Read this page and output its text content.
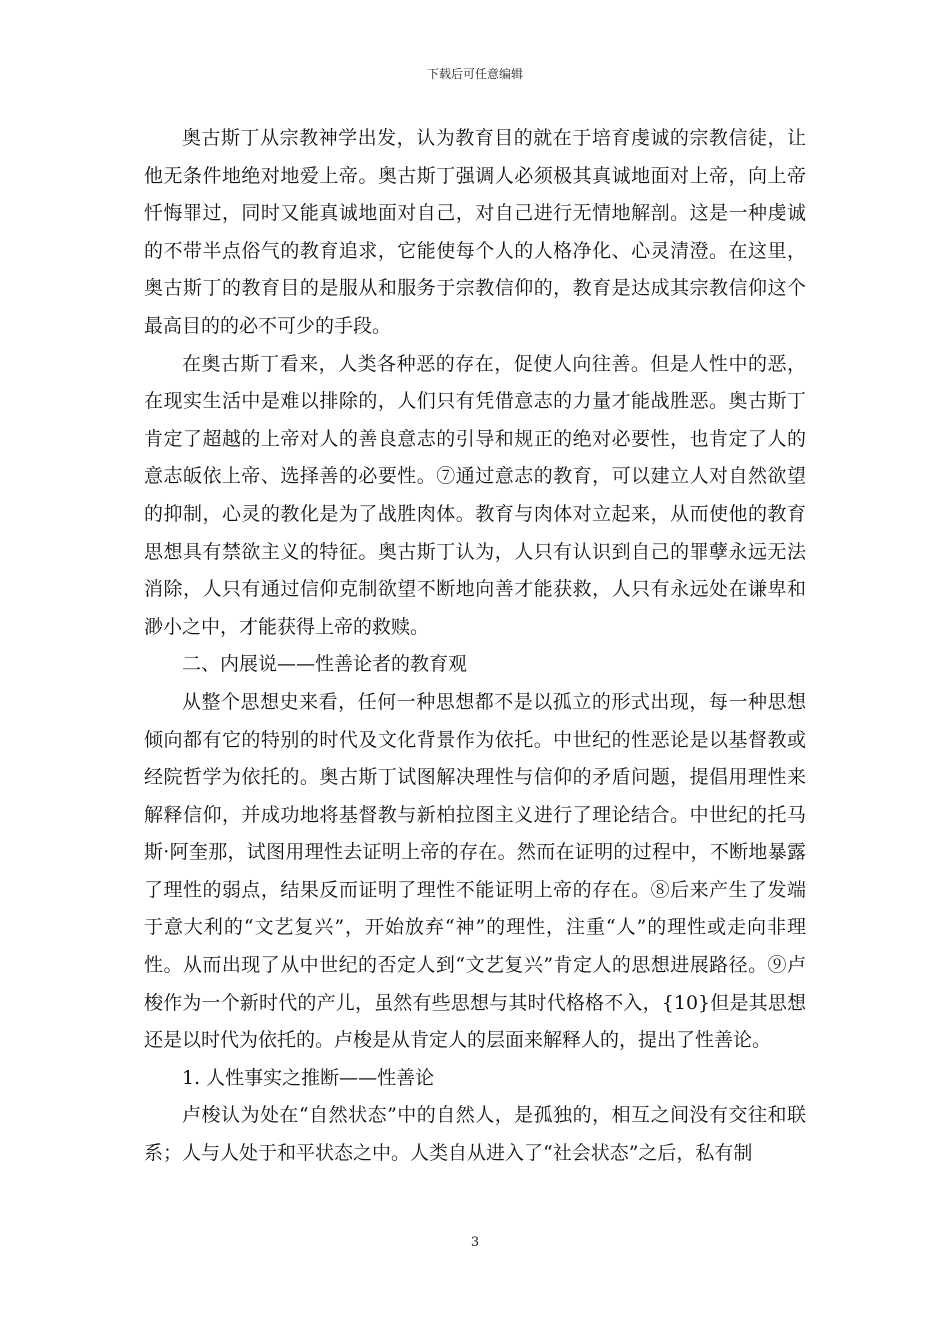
下载后可任意编辑

奥古斯丁从宗教神学出发，认为教育目的就在于培育虔诚的宗教信徒，让他无条件地绝对地爱上帝。奥古斯丁强调人必须极其真诚地面对上帝，向上帝忏悔罪过，同时又能真诚地面对自己，对自己进行无情地解剖。这是一种虔诚的不带半点俗气的教育追求，它能使每个人的人格净化、心灵清澄。在这里，奥古斯丁的教育目的是服从和服务于宗教信仰的，教育是达成其宗教信仰这个最高目的的必不可少的手段。

在奥古斯丁看来，人类各种恶的存在，促使人向往善。但是人性中的恶，在现实生活中是难以排除的，人们只有凭借意志的力量才能战胜恶。奥古斯丁肯定了超越的上帝对人的善良意志的引导和规正的绝对必要性，也肯定了人的意志皈依上帝、选择善的必要性。⑦通过意志的教育，可以建立人对自然欲望的抑制，心灵的教化是为了战胜肉体。教育与肉体对立起来，从而使他的教育思想具有禁欲主义的特征。奥古斯丁认为，人只有认识到自己的罪孽永远无法消除，人只有通过信仰克制欲望不断地向善才能获救，人只有永远处在谦卑和渺小之中，才能获得上帝的救赎。

二、内展说——性善论者的教育观

从整个思想史来看，任何一种思想都不是以孤立的形式出现，每一种思想倾向都有它的特别的时代及文化背景作为依托。中世纪的性恶论是以基督教或经院哲学为依托的。奥古斯丁试图解决理性与信仰的矛盾问题，提倡用理性来解释信仰，并成功地将基督教与新柏拉图主义进行了理论结合。中世纪的托马斯·阿奎那，试图用理性去证明上帝的存在。然而在证明的过程中，不断地暴露了理性的弱点，结果反而证明了理性不能证明上帝的存在。⑧后来产生了发端于意大利的“文艺复兴”，开始放弃“神”的理性，注重“人”的理性或走向非理性。从而出现了从中世纪的否定人到“文艺复兴”肯定人的思想进展路径。⑨卢梭作为一个新时代的产儿，虽然有些思想与其时代格格不入，{10}但是其思想还是以时代为依托的。卢梭是从肯定人的层面来解释人的，提出了性善论。

1. 人性事实之推断——性善论

卢梭认为处在“自然状态”中的自然人，是孤独的，相互之间没有交往和联系；人与人处于和平状态之中。人类自从进入了“社会状态”之后，私有制

3
